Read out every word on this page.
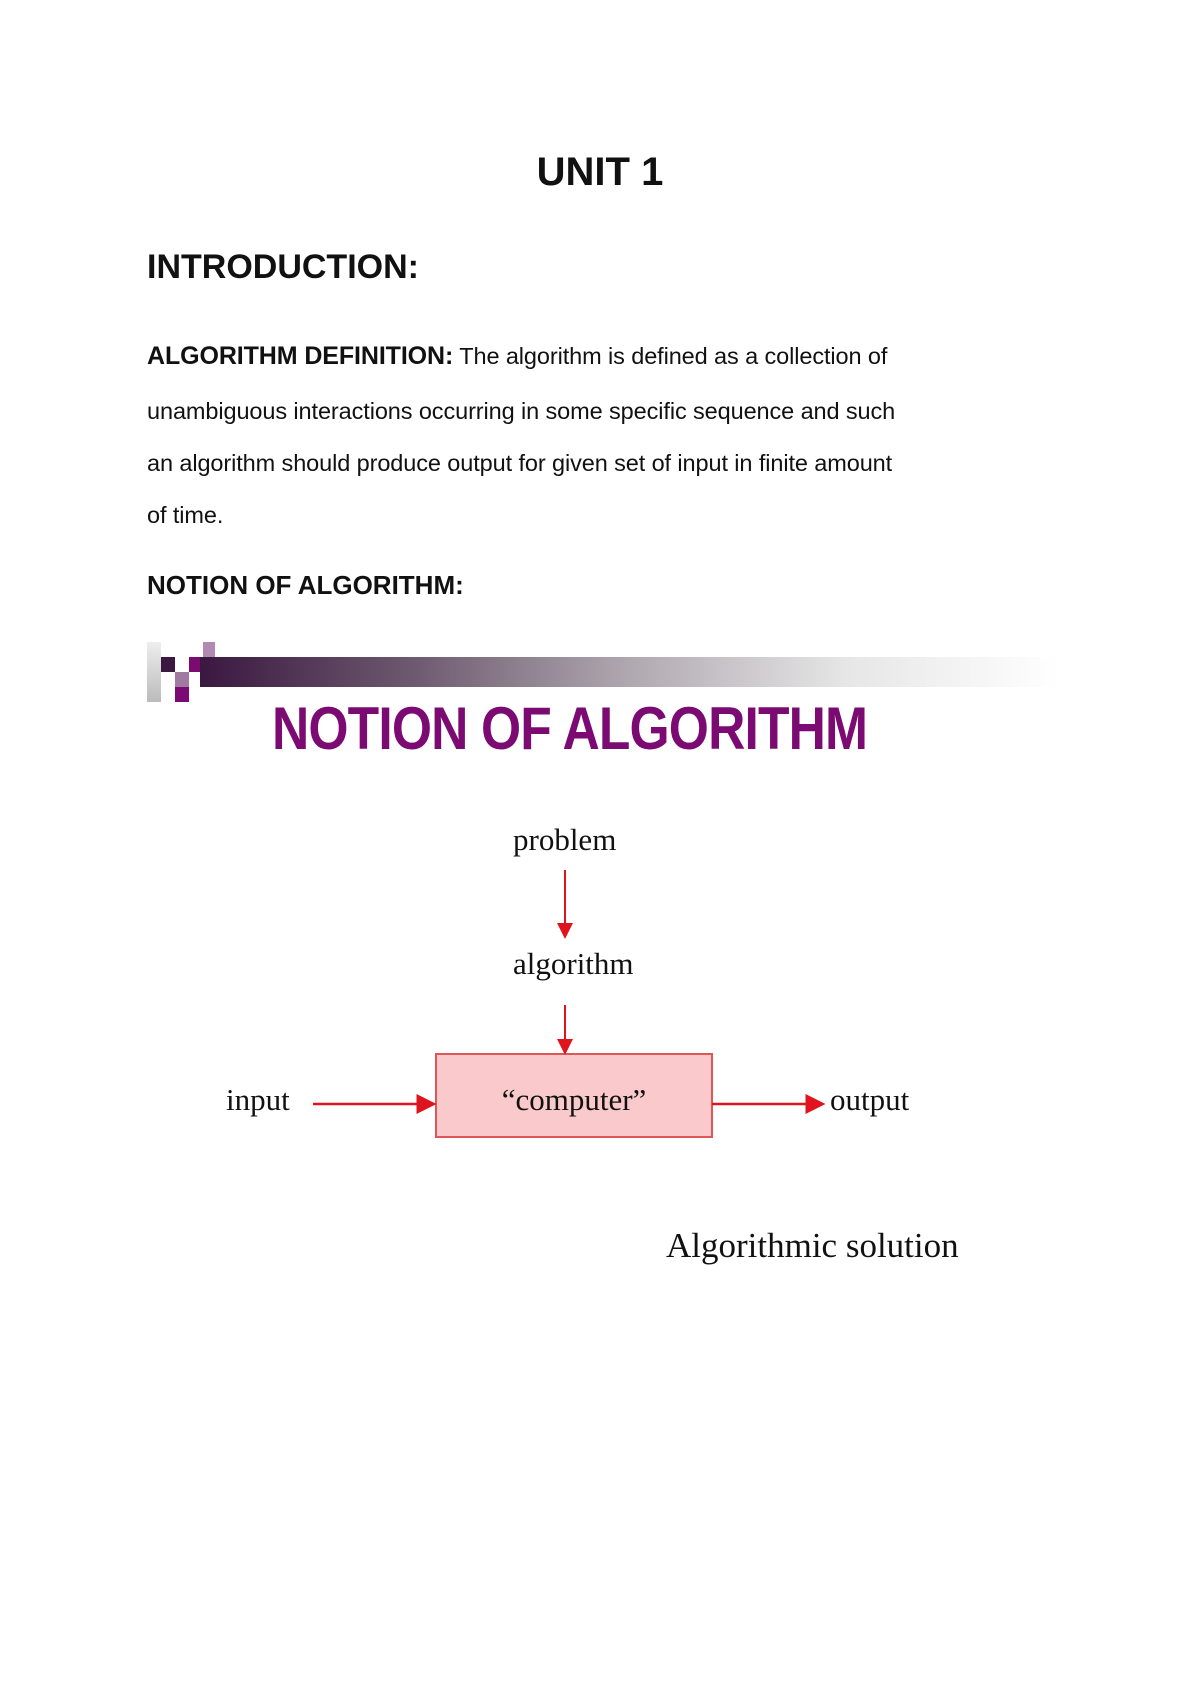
UNIT 1
INTRODUCTION:
ALGORITHM DEFINITION: The algorithm is defined as a collection of
unambiguous interactions occurring in some specific sequence and such
an algorithm should produce output for given set of input in finite amount
of time.
NOTION OF ALGORITHM:
NOTION OF ALGORITHM
problem
algorithm
input	“computer”	output
Algorithmic solution
